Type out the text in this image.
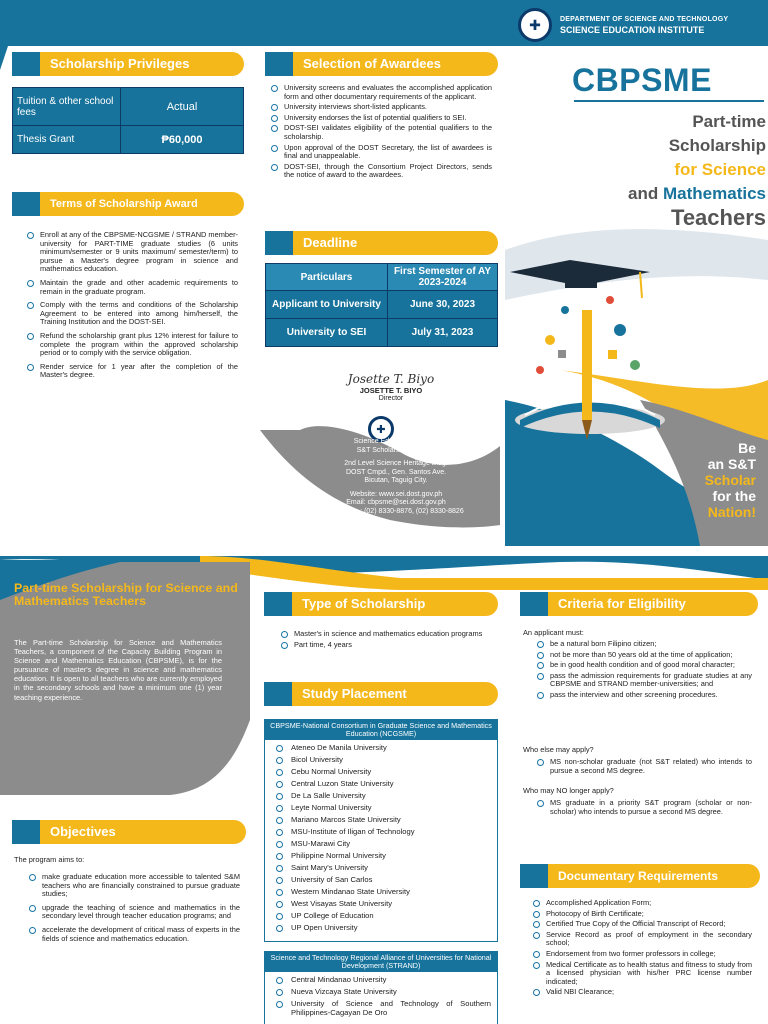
✚	DEPARTMENT OF SCIENCE AND TECHNOLOGY
SCIENCE EDUCATION INSTITUTE
Scholarship Privileges
Tuition & other school fees	Actual
Thesis Grant	₱60,000
Terms of Scholarship Award
Enroll at any of the CBPSME-NCGSME / STRAND member- university for PART-TIME graduate studies (6 units minimum/semester or 9 units maximum/ semester/term) to pursue a Master's degree program in science and mathematics education.
Maintain the grade and other academic requirements to remain in the graduate program.
Comply with the terms and conditions of the Scholarship Agreement to be entered into among him/herself, the Training Institution and the DOST-SEI.
Refund the scholarship grant plus 12% interest for failure to complete the program within the approved scholarship period or to comply with the service obligation.
Render service for 1 year after the completion of the Master's degree.
Selection of Awardees
University screens and evaluates the accomplished application form and other documentary requirements of the applicant.
University interviews short-listed applicants.
University endorses the list of potential qualifiers to SEI.
DOST-SEI validates eligibility of the potential qualifiers to the scholarship.
Upon approval of the DOST Secretary, the list of awardees is final and unappealable.
DOST-SEI, through the Consortium Project Directors, sends the notice of award to the awardees.
Deadline
Particulars	First Semester of AY 2023-2024
Applicant to University	June 30, 2023
University to SEI	July 31, 2023
Josette T. Biyo
JOSETTE T. BIYO
Director
✚
Science Education Institute
S&T Scholarship Division
2nd Level Science Heritage Bldg.
DOST Cmpd., Gen. Santos Ave.
Bicutan, Taguig City.
Website: www.sei.dost.gov.ph
Email: cbpsme@sei.dost.gov.ph
Phone no.: (02) 8330-8876, (02) 8330-8826
CBPSME
Part-time
Scholarship
for Science
and Mathematics
Teachers
Be
an S&T
Scholar
for the
Nation!
Part-time Scholarship for Science and Mathematics Teachers
The Part-time Scholarship for Science and Mathematics Teachers, a component of the Capacity Building Program in Science and Mathematics Education (CBPSME), is for the pursuance of master's degree in science and mathematics education. It is open to all teachers who are currently employed in the secondary schools and have a minimum one (1) year teaching experience.
Objectives
The program aims to:
make graduate education more accessible to talented S&M teachers who are financially constrained to pursue graduate studies;
upgrade the teaching of science and mathematics in the secondary level through teacher education programs; and
accelerate the development of critical mass of experts in the fields of science and mathematics education.
Type of Scholarship
Master's in science and mathematics education programs
Part time, 4 years
Study Placement
CBPSME-National Consortium in Graduate Science and Mathematics Education (NCGSME)
Ateneo De Manila University
Bicol University
Cebu Normal University
Central Luzon State University
De La Salle University
Leyte Normal University
Mariano Marcos State University
MSU-Institute of Iligan of Technology
MSU-Marawi City
Philippine Normal University
Saint Mary's University
University of San Carlos
Western Mindanao State University
West Visayas State University
UP College of Education
UP Open University
Science and Technology Regional Alliance of Universities for National Development (STRAND)
Central Mindanao University
Nueva Vizcaya State University
University of Science and Technology of Southern Philippines-Cagayan De Oro
Criteria for Eligibility
An applicant must:
be a natural born Filipino citizen;
not be more than 50 years old at the time of application;
be in good health condition and of good moral character;
pass the admission requirements for graduate studies at any CBPSME and STRAND member-universities; and
pass the interview and other screening procedures.
Who else may apply?
MS non-scholar graduate (not S&T related) who intends to pursue a second MS degree.
Who may NO longer apply?
MS graduate in a priority S&T program (scholar or non-scholar) who intends to pursue a second MS degree.
Documentary Requirements
Accomplished Application Form;
Photocopy of Birth Certificate;
Certified True Copy of the Official Transcript of Record;
Service Record as proof of employment in the secondary school;
Endorsement from two former professors in college;
Medical Certificate as to health status and fitness to study from a licensed physician with his/her PRC license number indicated;
Valid NBI Clearance;
